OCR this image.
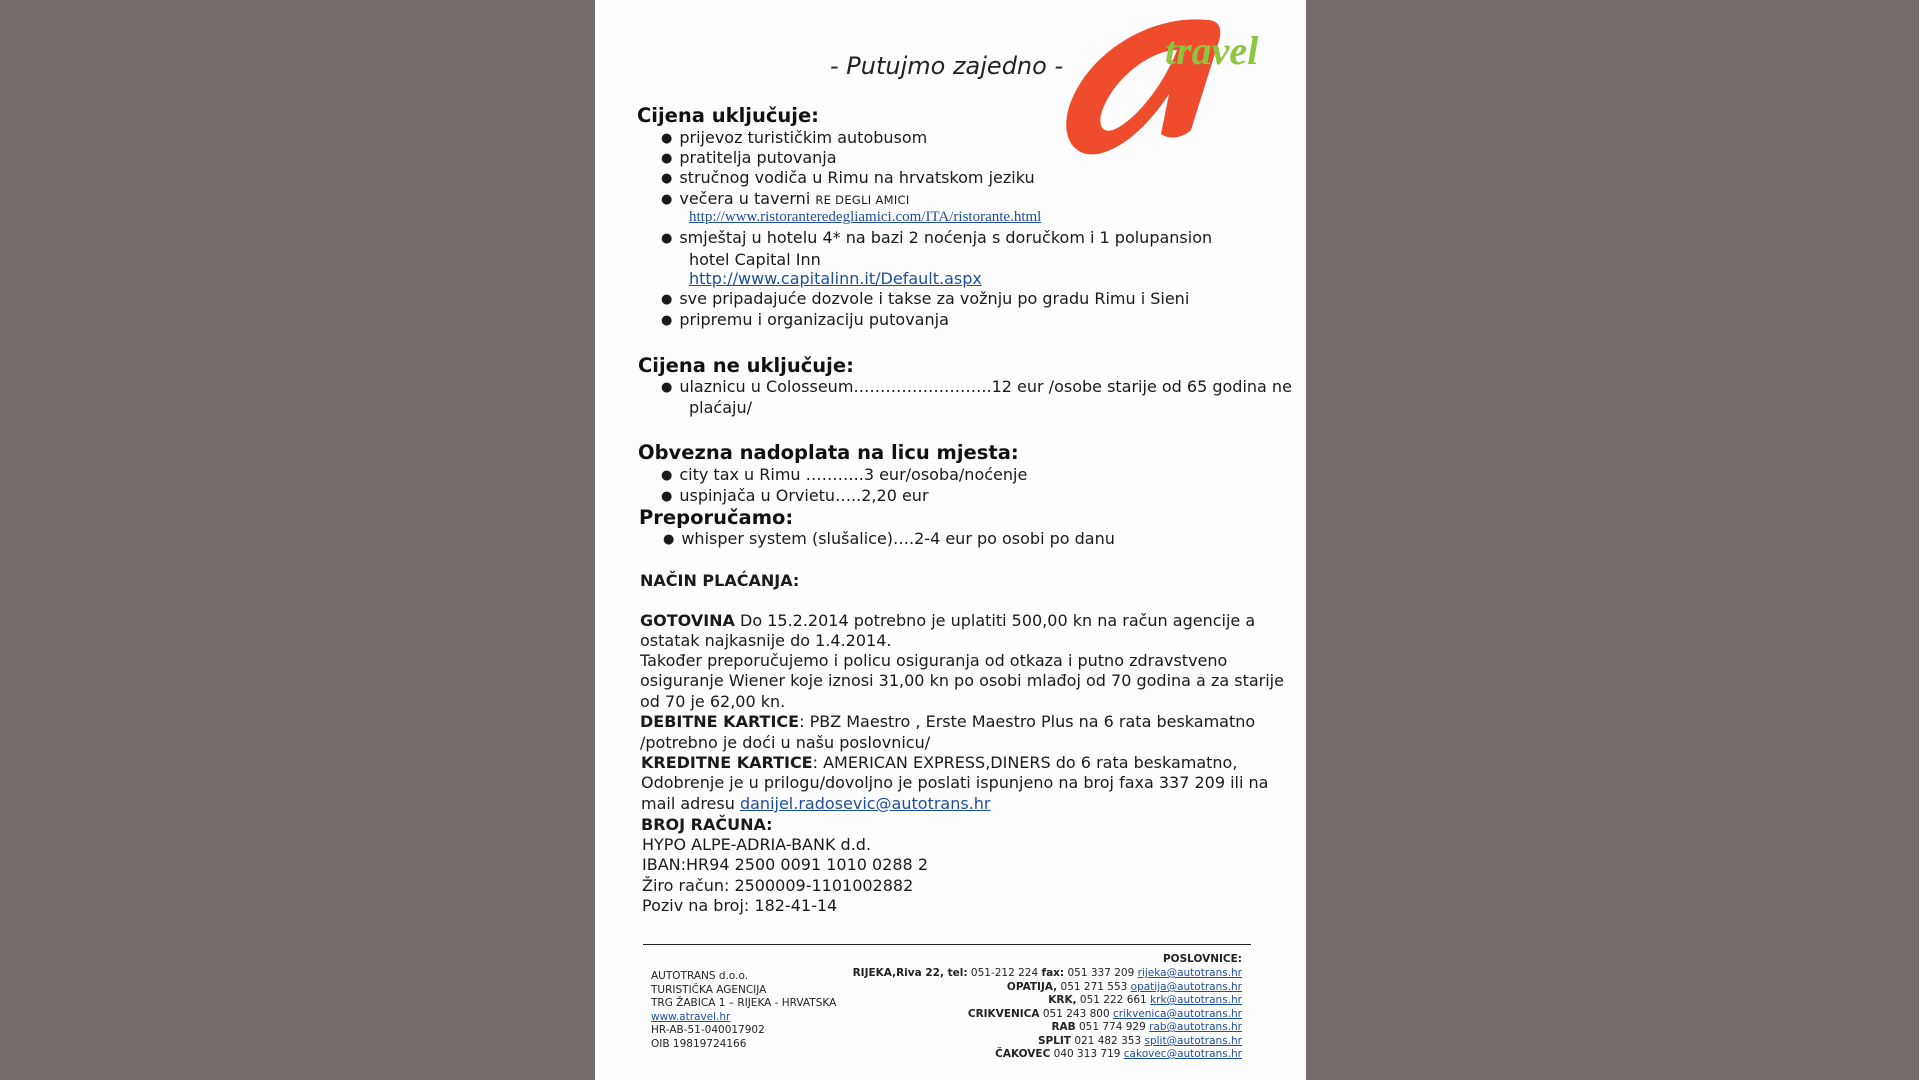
- Putujmo zajedno -	travel
Cijena uključuje:
● prijevoz turističkim autobusom
● pratitelja putovanja
● stručnog vodiča u Rimu na hrvatskom jeziku
● večera u taverni RE DEGLI AMICI
http://www.ristoranteredegliamici.com/ITA/ristorante.html
● smještaj u hotelu 4* na bazi 2 noćenja s doručkom i 1 polupansion
hotel Capital Inn
http://www.capitalinn.it/Default.aspx
● sve pripadajuće dozvole i takse za vožnju po gradu Rimu i Sieni
● pripremu i organizaciju putovanja
Cijena ne uključuje:
● ulaznicu u Colosseum……………………..12 eur /osobe starije od 65 godina ne
plaćaju/
Obvezna nadoplata na licu mjesta:
● city tax u Rimu ………..3 eur/osoba/noćenje
● uspinjača u Orvietu…..2,20 eur
Preporučamo:
● whisper system (slušalice)….2-4 eur po osobi po danu
NAČIN PLAĆANJA:
GOTOVINA Do 15.2.2014 potrebno je uplatiti 500,00 kn na račun agencije a
ostatak najkasnije do 1.4.2014.
Također preporučujemo i policu osiguranja od otkaza i putno zdravstveno
osiguranje Wiener koje iznosi 31,00 kn po osobi mlađoj od 70 godina a za starije
od 70 je 62,00 kn.
DEBITNE KARTICE: PBZ Maestro , Erste Maestro Plus na 6 rata beskamatno
/potrebno je doći u našu poslovnicu/
KREDITNE KARTICE: AMERICAN EXPRESS,DINERS do 6 rata beskamatno,
Odobrenje je u prilogu/dovoljno je poslati ispunjeno na broj faxa 337 209 ili na
mail adresu danijel.radosevic@autotrans.hr
BROJ RAČUNA:
HYPO ALPE-ADRIA-BANK d.d.
IBAN:HR94 2500 0091 1010 0288 2
Žiro račun: 2500009-1101002882
Poziv na broj: 182-41-14
AUTOTRANS d.o.o.
TURISTIČKA AGENCIJA
TRG ŽABICA 1 – RIJEKA - HRVATSKA
www.atravel.hr
HR-AB-51-040017902
OIB 19819724166
POSLOVNICE:
RIJEKA,Riva 22, tel: 051-212 224 fax: 051 337 209 rijeka@autotrans.hr
OPATIJA, 051 271 553 opatija@autotrans.hr
KRK, 051 222 661 krk@autotrans.hr
CRIKVENICA 051 243 800 crikvenica@autotrans.hr
RAB 051 774 929 rab@autotrans.hr
SPLIT 021 482 353 split@autotrans.hr
ČAKOVEC 040 313 719 cakovec@autotrans.hr
